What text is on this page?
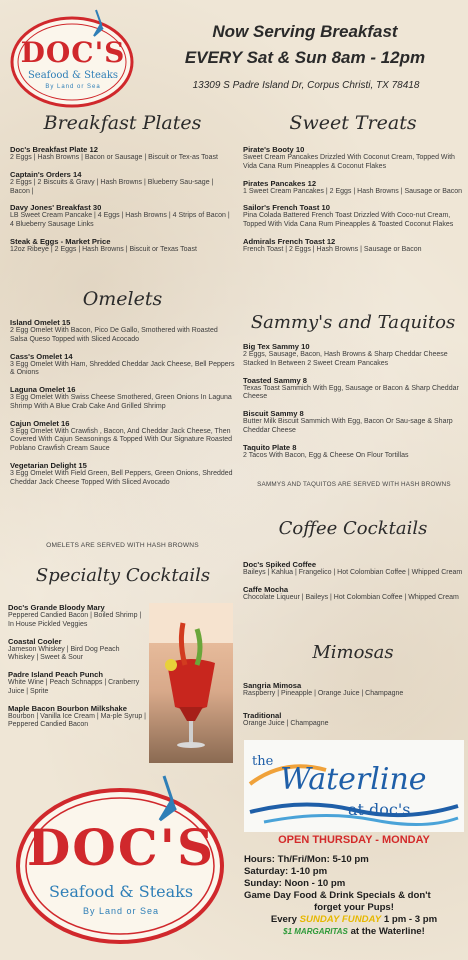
DOC'S
Seafood & Steaks
By Land or Sea
Now Serving Breakfast
EVERY Sat & Sun 8am - 12pm
13309 S Padre Island Dr, Corpus Christi, TX 78418
Breakfast Plates
Doc's Breakfast Plate 12
2 Eggs | Hash Browns | Bacon or Sausage | Biscuit or Tex-as Toast
Captain's Orders 14
2 Eggs | 2 Biscuits & Gravy | Hash Browns | Blueberry Sau-sage | Bacon |
Davy Jones' Breakfast 30
LB Sweet Cream Pancake | 4 Eggs | Hash Browns | 4 Strips of Bacon | 4 Blueberry Sausage Links
Steak & Eggs - Market Price
12oz Ribeye | 2 Eggs | Hash Browns | Biscuit or Texas Toast
Omelets
Island Omelet 15
2 Egg Omelet With Bacon, Pico De Gallo, Smothered with Roasted Salsa Queso Topped with Sliced Acocado
Cass's Omelet 14
3 Egg Omelet With Ham, Shredded Cheddar Jack Cheese, Bell Peppers & Onions
Laguna Omelet 16
3 Egg Omelet With Swiss Cheese Smothered, Green Onions In Laguna Shrimp With A Blue Crab Cake And Grilled Shrimp
Cajun Omelet 16
3 Egg Omelet With Crawfish , Bacon, And Cheddar Jack Cheese, Then Covered With Cajun Seasonings & Topped With Our Signature Roasted Poblano Crawfish Cream Sauce
Vegetarian Delight 15
3 Egg Omelet With Field Green, Bell Peppers, Green Onions, Shredded Cheddar Jack Cheese Topped With Sliced Avocado
OMELETS ARE SERVED WITH HASH BROWNS
Specialty Cocktails
Doc's Grande Bloody Mary
Peppered Candied Bacon | Boiled Shrimp | In House Pickled Veggies
Coastal Cooler
Jameson Whiskey | Bird Dog Peach Whiskey | Sweet & Sour
Padre Island Peach Punch
White Wine | Peach Schnapps | Cranberry Juice | Sprite
Maple Bacon Bourbon Milkshake
Bourbon | Vanilla Ice Cream | Ma-ple Syrup | Peppered Candied Bacon
DOC'S
Seafood & Steaks
By Land or Sea
Sweet Treats
Pirate's Booty 10
Sweet Cream Pancakes Drizzled With Coconut Cream, Topped With Vida Cana Rum Pineapples & Coconut Flakes
Pirates Pancakes 12
1 Sweet Cream Pancakes | 2 Eggs | Hash Browns | Sausage or Bacon
Sailor's French Toast 10
Pina Colada Battered French Toast Drizzled With Coco-nut Cream, Topped With Vida Cana Rum Pineapples & Toasted Coconut Flakes
Admirals French Toast 12
French Toast | 2 Eggs | Hash Browns | Sausage or Bacon
Sammy's and Taquitos
Big Tex Sammy 10
2 Eggs, Sausage, Bacon, Hash Browns & Sharp Cheddar Cheese Stacked In Between 2 Sweet Cream Pancakes
Toasted Sammy 8
Texas Toast Sammich With Egg, Sausage or Bacon & Sharp Cheddar Cheese
Biscuit Sammy 8
Butter Milk Biscuit Sammich With Egg, Bacon Or Sau-sage & Sharp Cheddar Cheese
Taquito Plate 8
2 Tacos With Bacon, Egg & Cheese On Flour Tortillas
SAMMYS AND TAQUITOS ARE SERVED WITH HASH BROWNS
Coffee Cocktails
Doc's Spiked Coffee
Baileys | Kahlua | Frangelico | Hot Colombian Coffee | Whipped Cream
Caffe Mocha
Chocolate Liqueur | Baileys | Hot Colombian Coffee | Whipped Cream
Mimosas
Sangria Mimosa
Raspberry | Pineapple | Orange Juice | Champagne
Traditional
Orange Juice | Champagne
the
Waterline
at doc's
OPEN THURSDAY - MONDAY
Hours: Th/Fri/Mon: 5-10 pm
Saturday: 1-10 pm
Sunday: Noon - 10 pm
Game Day Food & Drink Specials & don't
forget your Pups!
Every SUNDAY FUNDAY 1 pm - 3 pm
$1 MARGARITAS at the Waterline!
